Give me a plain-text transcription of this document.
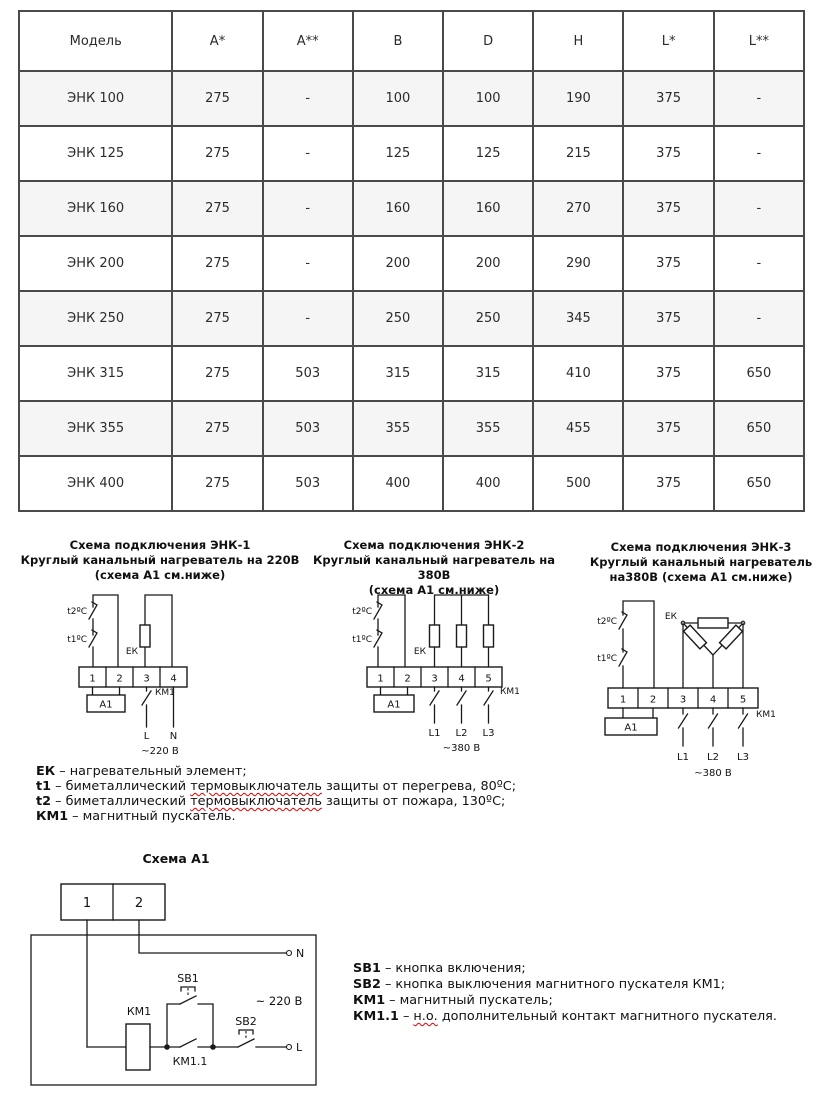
Модель	A*	A**	B	D	H	L*	L**
ЭНК 100	275	-	100	100	190	375	-
ЭНК 125	275	-	125	125	215	375	-
ЭНК 160	275	-	160	160	270	375	-
ЭНК 200	275	-	200	200	290	375	-
ЭНК 250	275	-	250	250	345	375	-
ЭНК 315	275	503	315	315	410	375	650
ЭНК 355	275	503	355	355	455	375	650
ЭНК 400	275	503	400	400	500	375	650
Схема подключения ЭНК-1
Круглый канальный нагреватель на 220В
(схема А1 см.ниже)
Схема подключения ЭНК-2
Круглый канальный нагреватель на 380В
(схема А1 см.ниже)
Схема подключения ЭНК-3
Круглый канальный нагреватель
на380В (схема А1 см.ниже)
t2ºC
t1ºC
ЕК
1 2 3 4
А1
КМ1
L N
~220 В
t2ºC
t1ºC
ЕК
1 2 3 4 5
А1
КМ1
L1 L2 L3
~380 В
t2ºC
t1ºC
ЕК
1 2 3 4 5
А1
КМ1
L1 L2 L3
~380 В
ЕК – нагревательный элемент;
t1 – биметаллический термовыключатель защиты от перегрева, 80ºС;
t2 – биметаллический термовыключатель защиты от пожара, 130ºС;
КМ1 – магнитный пускатель.
Схема А1
1	2
N
КМ1
КМ1.1
SB1
SB2
L
~ 220 В
SB1 – кнопка включения;
SB2 – кнопка выключения магнитного пускателя КМ1;
КМ1 – магнитный пускатель;
КМ1.1 – н.о. дополнительный контакт магнитного пускателя.
